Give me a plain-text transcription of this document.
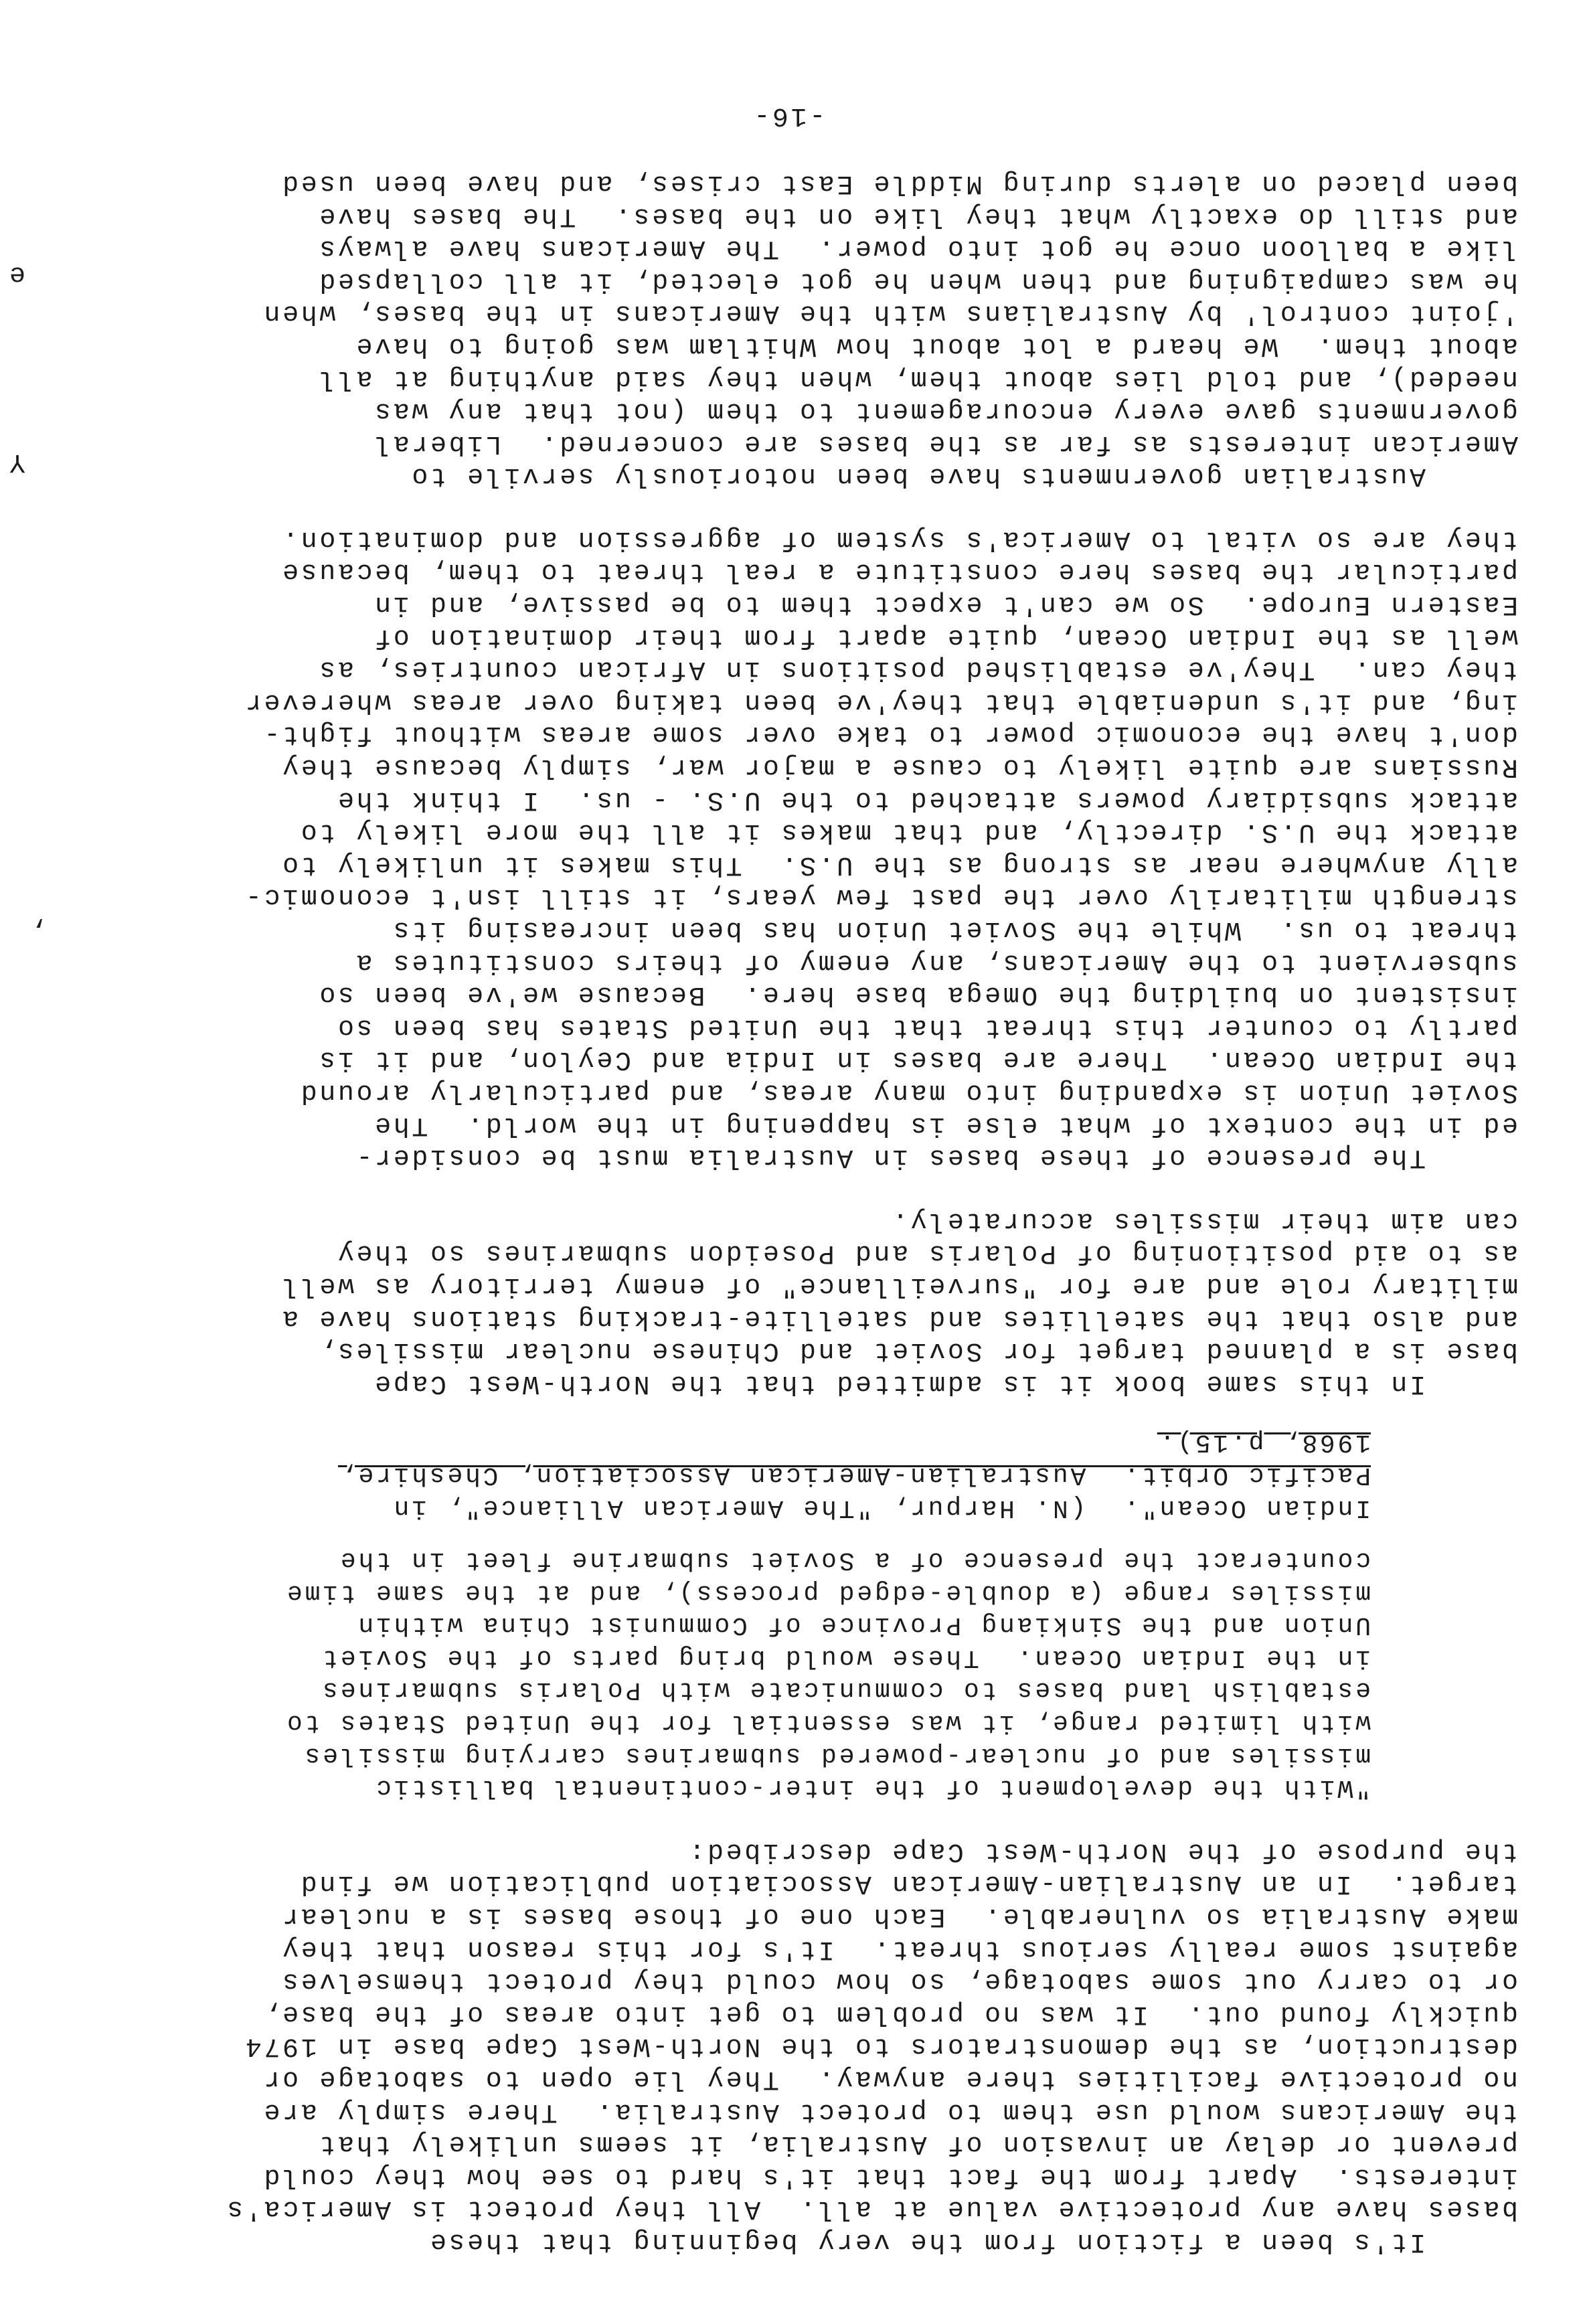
It's been a fiction from the very beginning that these
bases have any protective value at all.  All they protect is America's
interests.  Apart from the fact that it's hard to see how they could
prevent or delay an invasion of Australia, it seems unlikely that
the Americans would use them to protect Australia.  There simply are
no protective facilities there anyway.  They lie open to sabotage or
destruction, as the demonstrators to the North-West Cape base in 1974
quickly found out.  It was no problem to get into areas of the base,
or to carry out some sabotage, so how could they protect themselves
against some really serious threat.  It's for this reason that they
make Australia so vulnerable.  Each one of those bases is a nuclear
target.  In an Australian-American Association publication we find
the purpose of the North-West Cape described:
"With the development of the inter-continental ballistic
missiles and of nuclear-powered submarines carrying missiles
with limited range, it was essential for the United States to
establish land bases to communicate with Polaris submarines
in the Indian Ocean.  These would bring parts of the Soviet
Union and the Sinkiang Province of Communist China within
missiles range (a double-edged process), and at the same time
counteract the presence of a Soviet submarine fleet in the
Indian Ocean".  (N. Harpur, "The American Alliance", in
Pacific Orbit.  Australian-American Association, Cheshire,
1968, p.15).
In this same book it is admitted that the North-West Cape
base is a planned target for Soviet and Chinese nuclear missiles,
and also that the satellites and satellite-tracking stations have a
military role and are for "surveillance" of enemy territory as well
as to aid positioning of Polaris and Poseidon submarines so they
can aim their missiles accurately.
The presence of these bases in Australia must be consider-
ed in the context of what else is happening in the world.  The
Soviet Union is expanding into many areas, and particularly around
the Indian Ocean.  There are bases in India and Ceylon, and it is
partly to counter this threat that the United States has been so
insistent on building the Omega base here.  Because we've been so
subservient to the Americans, any enemy of theirs constitutes a
threat to us.  While the Soviet Union has been increasing its
strength militarily over the past few years, it still isn't economic-
ally anywhere near as strong as the U.S.  This makes it unlikely to
attack the U.S. directly, and that makes it all the more likely to
attack subsidiary powers attached to the U.S. - us.  I think the
Russians are quite likely to cause a major war, simply because they
don't have the economic power to take over some areas without fight-
ing, and it's undeniable that they've been taking over areas wherever
they can.  They've established positions in African countries, as
well as the Indian Ocean, quite apart from their domination of
Eastern Europe.  So we can't expect them to be passive, and in
particular the bases here constitute a real threat to them, because
they are so vital to America's system of aggression and domination.
Australian governments have been notoriously servile to
American interests as far as the bases are concerned.  Liberal
governments gave every encouragement to them (not that any was
needed), and told lies about them, when they said anything at all
about them.  We heard a lot about how Whitlam was going to have
'joint control' by Australians with the Americans in the bases, when
he was campaigning and then when he got elected, it all collapsed
like a balloon once he got into power.  The Americans have always
and still do exactly what they like on the bases.  The bases have
been placed on alerts during Middle East crises, and have been used
-16-
,
Y
e
